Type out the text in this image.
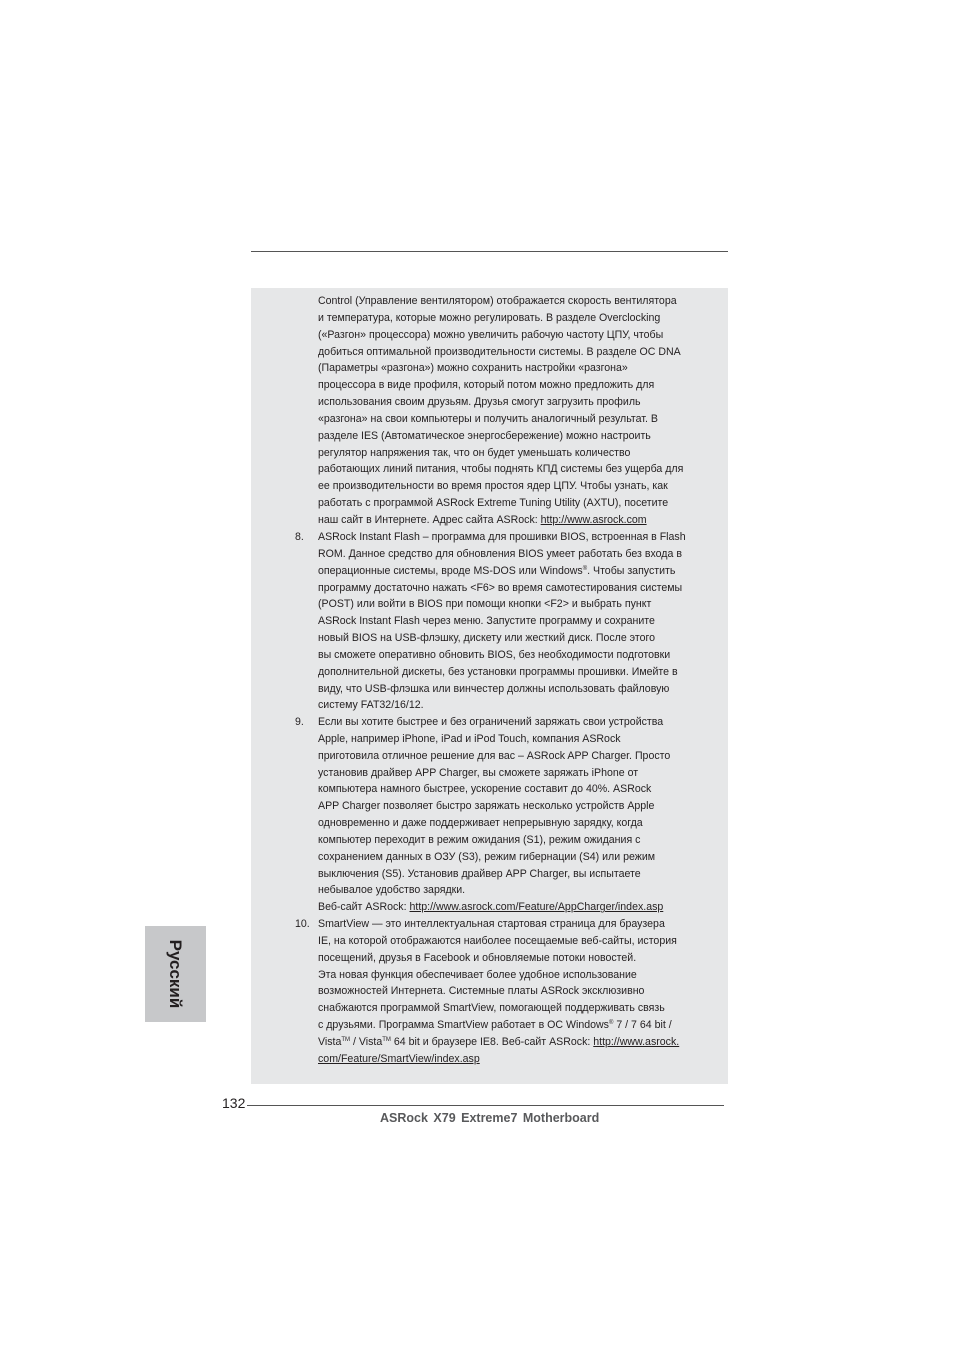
Control (Управление вентилятором) отображается скорость вентилятора
и температура, которые можно регулировать. В разделе Overclocking
(«Разгон» процессора) можно увеличить рабочую частоту ЦПУ, чтобы
добиться оптимальной производительности системы. В разделе OC DNA
(Параметры «разгона») можно сохранить настройки «разгона»
процессора в виде профиля, который потом можно предложить для
использования своим друзьям. Друзья смогут загрузить профиль
«разгона» на свои компьютеры и получить аналогичный результат. В
разделе IES (Автоматическое энергосбережение) можно настроить
регулятор напряжения так, что он будет уменьшать количество
работающих линий питания, чтобы поднять КПД системы без ущерба для
ее производительности во время простоя ядер ЦПУ. Чтобы узнать, как
работать с программой ASRock Extreme Tuning Utility (AXTU), посетите
наш сайт в Интернете. Адрес сайта ASRock: http://www.asrock.com

8. ASRock Instant Flash – программа для прошивки BIOS, встроенная в Flash
ROM. Данное средство для обновления BIOS умеет работать без входа в
операционные системы, вроде MS-DOS или Windows®. Чтобы запустить
программу достаточно нажать <F6> во время самотестирования системы
(POST) или войти в BIOS при помощи кнопки <F2> и выбрать пункт
ASRock Instant Flash через меню. Запустите программу и сохраните
новый BIOS на USB-флэшку, дискету или жесткий диск. После этого
вы сможете оперативно обновить BIOS, без необходимости подготовки
дополнительной дискеты, без установки программы прошивки. Имейте в
виду, что USB-флэшка или винчестер должны использовать файловую
систему FAT32/16/12.

9. Если вы хотите быстрее и без ограничений заряжать свои устройства
Apple, например iPhone, iPad и iPod Touch, компания ASRock
приготовила отличное решение для вас – ASRock APP Charger. Просто
установив драйвер APP Charger, вы сможете заряжать iPhone от
компьютера намного быстрее, ускорение составит до 40%. ASRock
APP Charger позволяет быстро заряжать несколько устройств Apple
одновременно и даже поддерживает непрерывную зарядку, когда
компьютер переходит в режим ожидания (S1), режим ожидания с
сохранением данных в ОЗУ (S3), режим гибернации (S4) или режим
выключения (S5). Установив драйвер APP Charger, вы испытаете
небывалое удобство зарядки.
Веб-сайт ASRock: http://www.asrock.com/Feature/AppCharger/index.asp

10. SmartView — это интеллектуальная стартовая страница для браузера
IE, на которой отображаются наиболее посещаемые веб-сайты, история
посещений, друзья в Facebook и обновляемые потоки новостей.
Эта новая функция обеспечивает более удобное использование
возможностей Интернета. Системные платы ASRock эксклюзивно
снабжаются программой SmartView, помогающей поддерживать связь
с друзьями. Программа SmartView работает в ОС Windows® 7 / 7 64 bit /
Vista™ / Vista™ 64 bit и браузере IE8. Веб-сайт ASRock: http://www.asrock.
com/Feature/SmartView/index.asp

Русский
132
ASRock X79 Extreme7 Motherboard
